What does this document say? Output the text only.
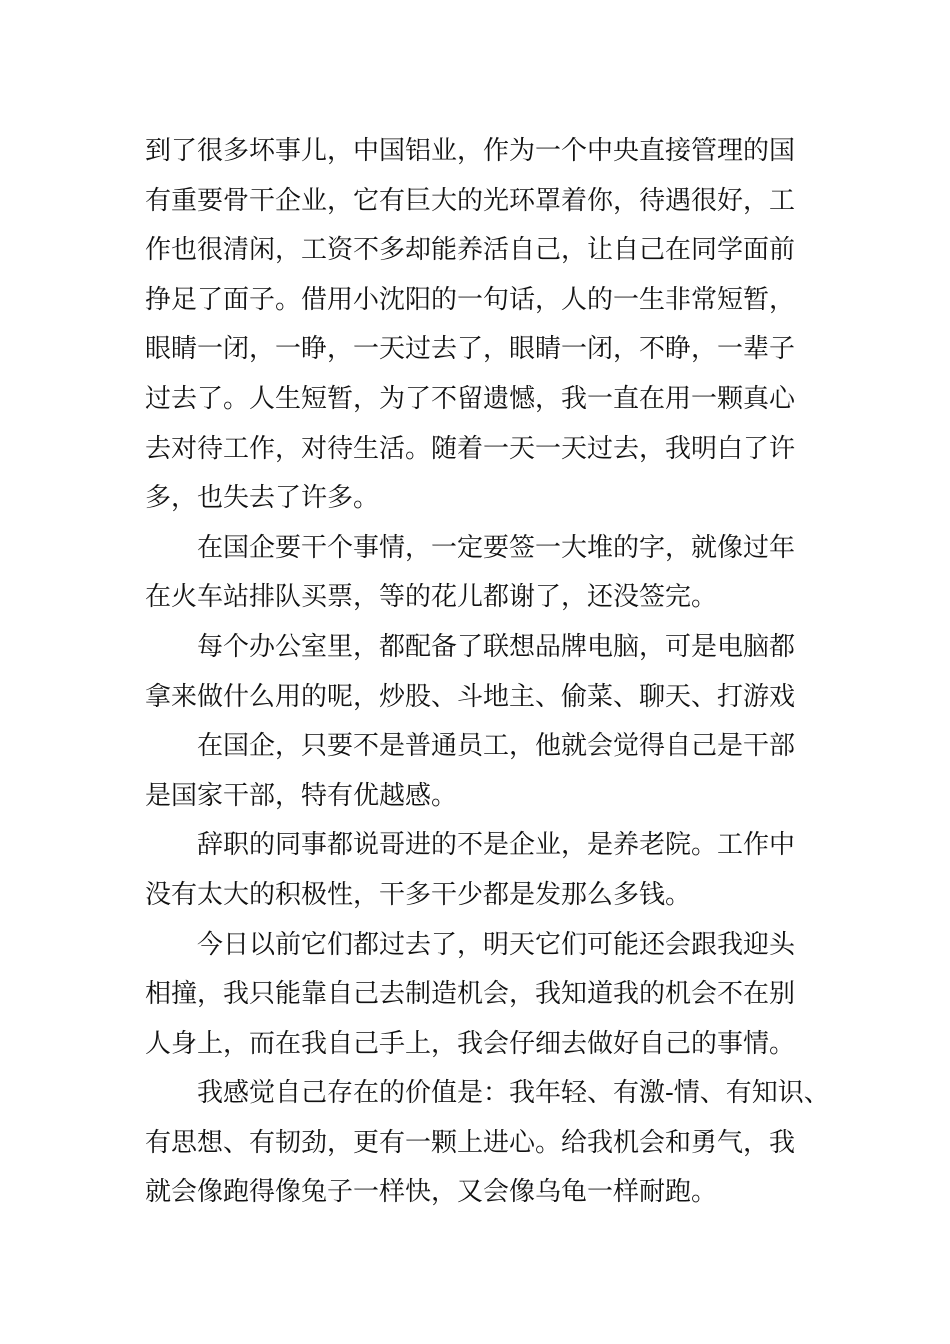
到了很多坏事儿，中国铝业，作为一个中央直接管理的国
有重要骨干企业，它有巨大的光环罩着你，待遇很好，工
作也很清闲，工资不多却能养活自己，让自己在同学面前
挣足了面子。借用小沈阳的一句话，人的一生非常短暂，
眼睛一闭，一睁，一天过去了，眼睛一闭，不睁，一辈子
过去了。人生短暂，为了不留遗憾，我一直在用一颗真心
去对待工作，对待生活。随着一天一天过去，我明白了许
多，也失去了许多。

在国企要干个事情，一定要签一大堆的字，就像过年
在火车站排队买票，等的花儿都谢了，还没签完。

每个办公室里，都配备了联想品牌电脑，可是电脑都
拿来做什么用的呢，炒股、斗地主、偷菜、聊天、打游戏

在国企，只要不是普通员工，他就会觉得自己是干部
是国家干部，特有优越感。

辞职的同事都说哥进的不是企业，是养老院。工作中
没有太大的积极性，干多干少都是发那么多钱。

今日以前它们都过去了，明天它们可能还会跟我迎头
相撞，我只能靠自己去制造机会，我知道我的机会不在别
人身上，而在我自己手上，我会仔细去做好自己的事情。

我感觉自己存在的价值是：我年轻、有激-情、有知识、
有思想、有韧劲，更有一颗上进心。给我机会和勇气，我
就会像跑得像兔子一样快，又会像乌龟一样耐跑。
